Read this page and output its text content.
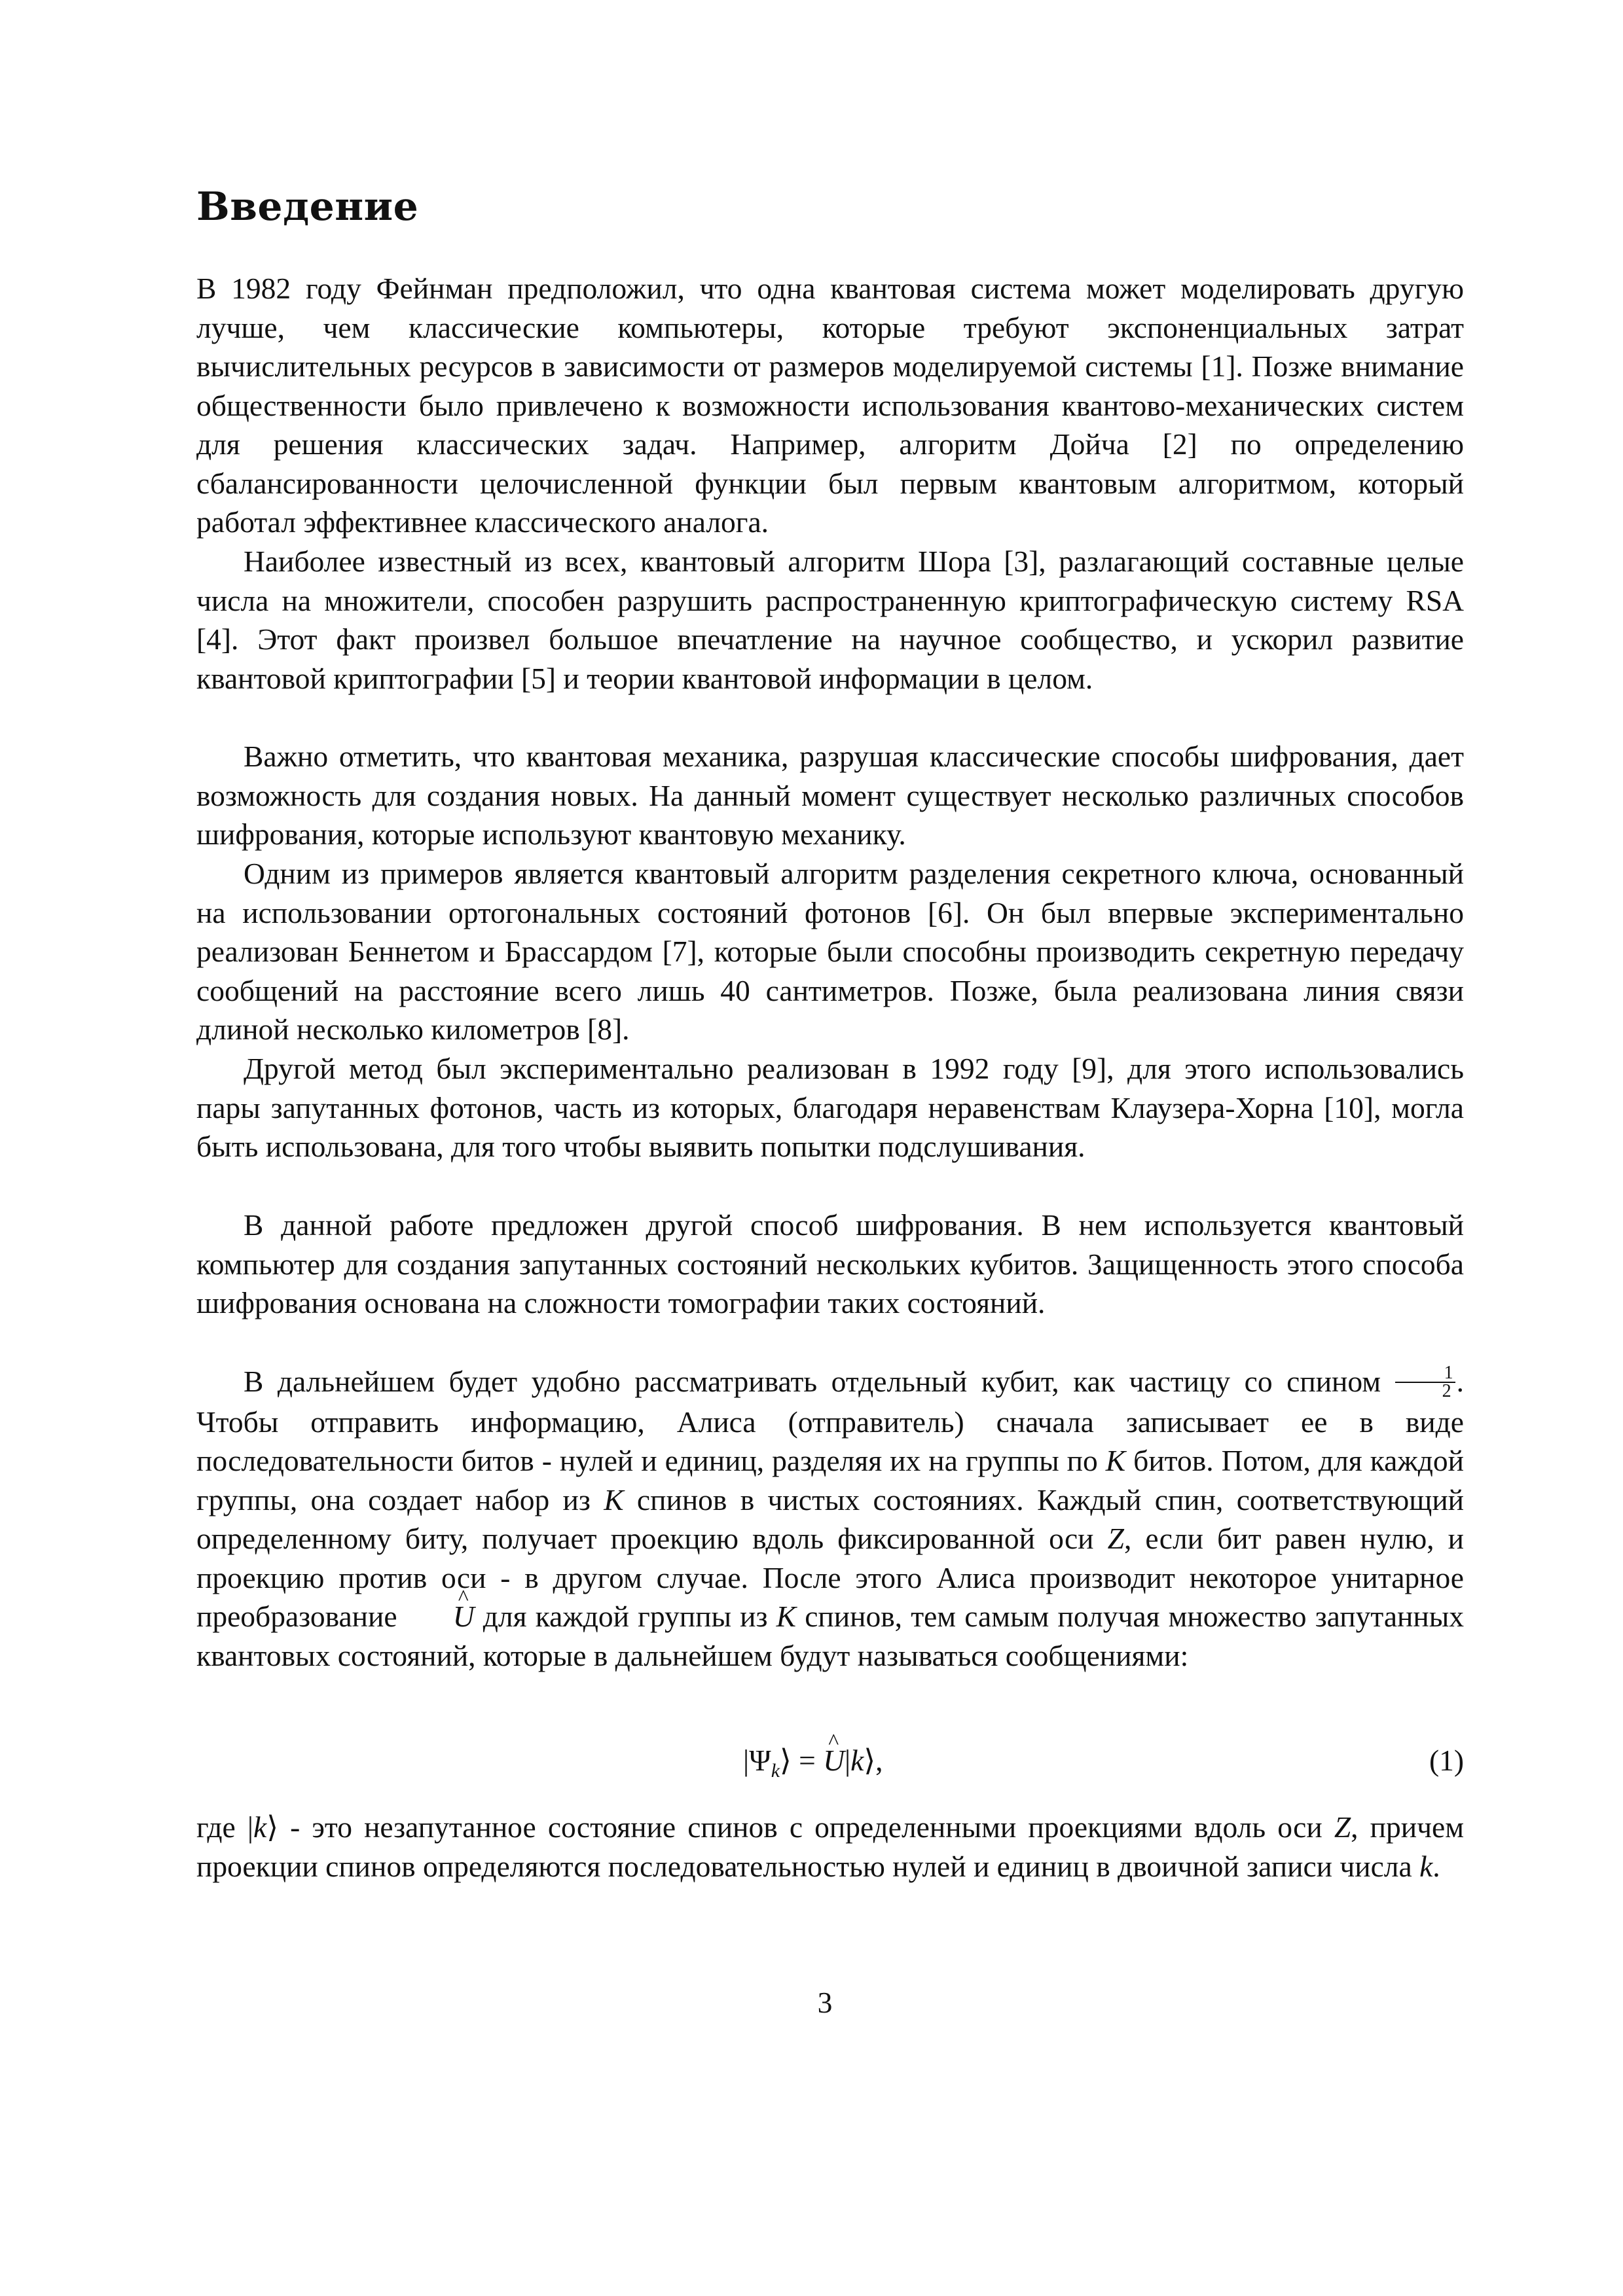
Введение

В 1982 году Фейнман предположил, что одна квантовая система может моделировать другую лучше, чем классические компьютеры, которые требуют экспоненциальных затрат вычислительных ресурсов в зависимости от размеров моделируемой системы [1]. Позже внимание общественности было привлечено к возможности использования квантово-механических систем для решения классических задач. Например, алгоритм Дойча [2] по определению сбалансированности целочисленной функции был первым квантовым алгоритмом, который работал эффективнее классического аналога.

Наиболее известный из всех, квантовый алгоритм Шора [3], разлагающий составные целые числа на множители, способен разрушить распространенную криптографическую систему RSA [4]. Этот факт произвел большое впечатление на научное сообщество, и ускорил развитие квантовой криптографии [5] и теории квантовой информации в целом.

Важно отметить, что квантовая механика, разрушая классические способы шифрования, дает возможность для создания новых. На данный момент существует несколько различных способов шифрования, которые используют квантовую механику.

Одним из примеров является квантовый алгоритм разделения секретного ключа, основанный на использовании ортогональных состояний фотонов [6]. Он был впервые экспериментально реализован Беннетом и Брассардом [7], которые были способны производить секретную передачу сообщений на расстояние всего лишь 40 сантиметров. Позже, была реализована линия связи длиной несколько километров [8].

Другой метод был экспериментально реализован в 1992 году [9], для этого использовались пары запутанных фотонов, часть из которых, благодаря неравенствам Клаузера-Хорна [10], могла быть использована, для того чтобы выявить попытки подслушивания.

В данной работе предложен другой способ шифрования. В нем используется квантовый компьютер для создания запутанных состояний нескольких кубитов. Защищенность этого способа шифрования основана на сложности томографии таких состояний.

В дальнейшем будет удобно рассматривать отдельный кубит, как частицу со спином $\frac{1}{2}$ . Чтобы отправить информацию, Алиса (отправитель) сначала записывает ее в виде последовательности битов - нулей и единиц, разделяя их на группы по K битов. Потом, для каждой группы, она создает набор из K спинов в чистых состояниях. Каждый спин, соответствующий определенному биту, получает проекцию вдоль фиксированной оси Z, если бит равен нулю, и проекцию против оси - в другом случае. После этого Алиса производит некоторое унитарное преобразование ^ U для каждой группы из K спинов, тем самым получая множество запутанных квантовых состояний, которые в дальнейшем будут называться сообщениями:

$|\Psi_k⟩$ = ^ U|k⟩,	(1)

где |k⟩ - это незапутанное состояние спинов с определенными проекциями вдоль оси Z, причем проекции спинов определяются последовательностью нулей и единиц в двоичной записи числа k.

3
